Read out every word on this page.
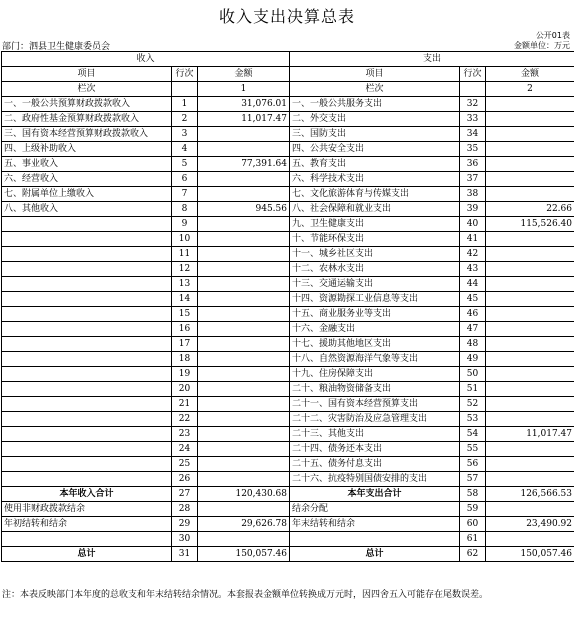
收入支出决算总表
公开01表
部门：泗县卫生健康委员会	金额单位：万元
收入			支出		
项目	行次	金额	项目	行次	金额
栏次		1	栏次		2
一、一般公共预算财政拨款收入	1	31,076.01	一、一般公共服务支出	32	
二、政府性基金预算财政拨款收入	2	11,017.47	二、外交支出	33	
三、国有资本经营预算财政拨款收入	3		三、国防支出	34	
四、上级补助收入	4		四、公共安全支出	35	
五、事业收入	5	77,391.64	五、教育支出	36	
六、经营收入	6		六、科学技术支出	37	
七、附属单位上缴收入	7		七、文化旅游体育与传媒支出	38	
八、其他收入	8	945.56	八、社会保障和就业支出	39	22.66
	9		九、卫生健康支出	40	115,526.40
	10		十、节能环保支出	41	
	11		十一、城乡社区支出	42	
	12		十二、农林水支出	43	
	13		十三、交通运输支出	44	
	14		十四、资源勘探工业信息等支出	45	
	15		十五、商业服务业等支出	46	
	16		十六、金融支出	47	
	17		十七、援助其他地区支出	48	
	18		十八、自然资源海洋气象等支出	49	
	19		十九、住房保障支出	50	
	20		二十、粮油物资储备支出	51	
	21		二十一、国有资本经营预算支出	52	
	22		二十二、灾害防治及应急管理支出	53	
	23		二十三、其他支出	54	11,017.47
	24		二十四、债务还本支出	55	
	25		二十五、债务付息支出	56	
	26		二十六、抗疫特别国债安排的支出	57	
本年收入合计	27	120,430.68	本年支出合计	58	126,566.53
使用非财政拨款结余	28		结余分配	59	
年初结转和结余	29	29,626.78	年末结转和结余	60	23,490.92
	30			61	
总计	31	150,057.46	总计	62	150,057.46
注：本表反映部门本年度的总收支和年末结转结余情况。本套报表金额单位转换成万元时，因四舍五入可能存在尾数误差。
